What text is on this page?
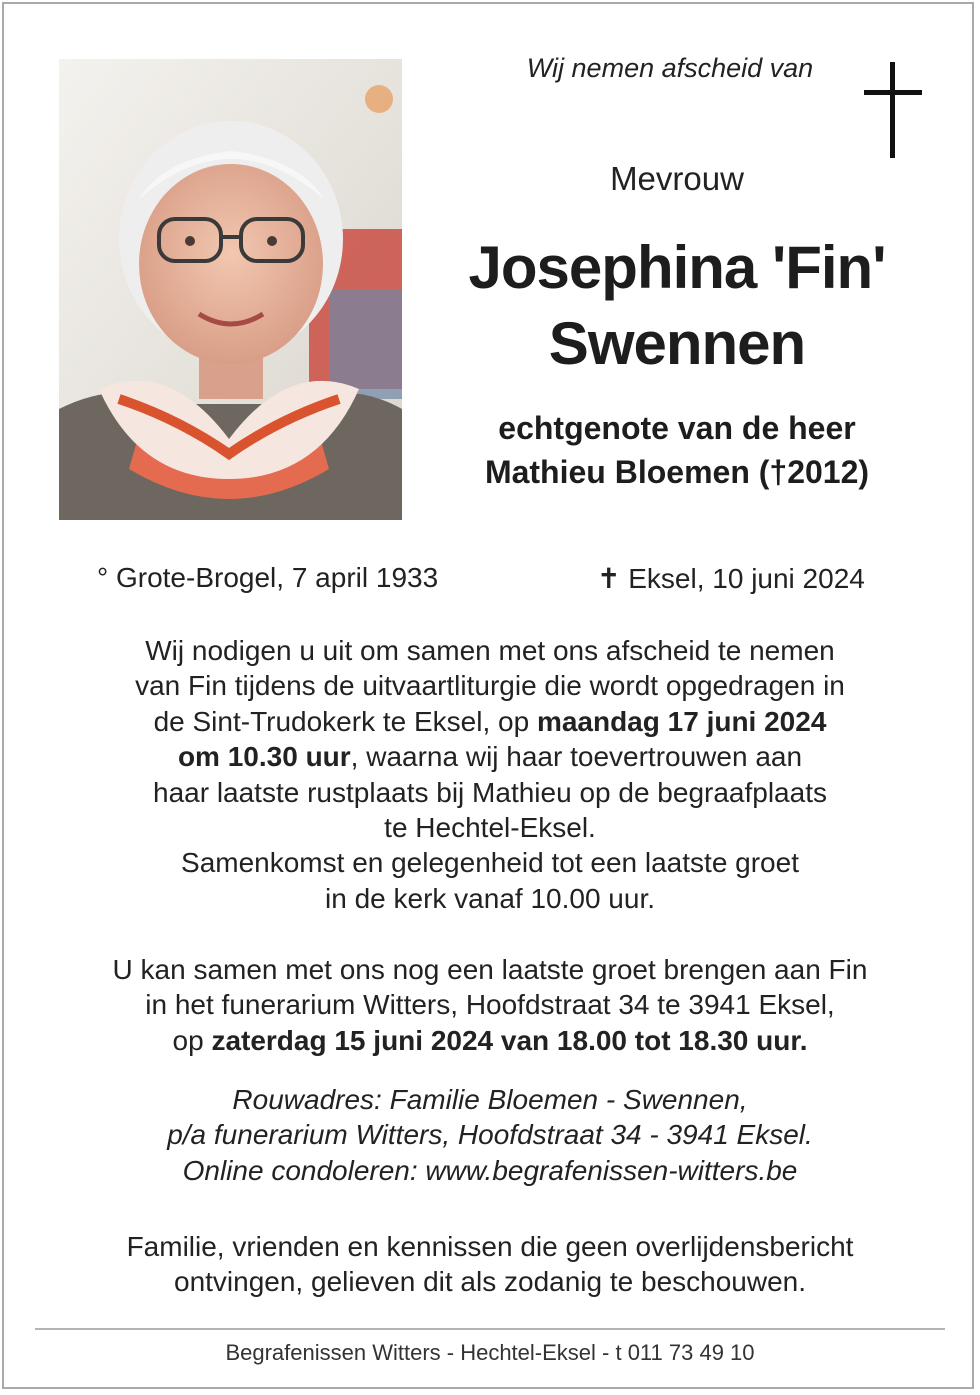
Wij nemen afscheid van
Mevrouw
Josephina 'Fin'
Swennen
echtgenote van de heer
Mathieu Bloemen (†2012)
° Grote-Brogel, 7 april 1933	✝ Eksel, 10 juni 2024
Wij nodigen u uit om samen met ons afscheid te nemen
van Fin tijdens de uitvaartliturgie die wordt opgedragen in
de Sint-Trudokerk te Eksel, op maandag 17 juni 2024
om 10.30 uur, waarna wij haar toevertrouwen aan
haar laatste rustplaats bij Mathieu op de begraafplaats
te Hechtel-Eksel.
Samenkomst en gelegenheid tot een laatste groet
in de kerk vanaf 10.00 uur.
U kan samen met ons nog een laatste groet brengen aan Fin
in het funerarium Witters, Hoofdstraat 34 te 3941 Eksel,
op zaterdag 15 juni 2024 van 18.00 tot 18.30 uur.
Rouwadres: Familie Bloemen - Swennen,
p/a funerarium Witters, Hoofdstraat 34 - 3941 Eksel.
Online condoleren: www.begrafenissen-witters.be
Familie, vrienden en kennissen die geen overlijdensbericht
ontvingen, gelieven dit als zodanig te beschouwen.
Begrafenissen Witters - Hechtel-Eksel - t 011 73 49 10
